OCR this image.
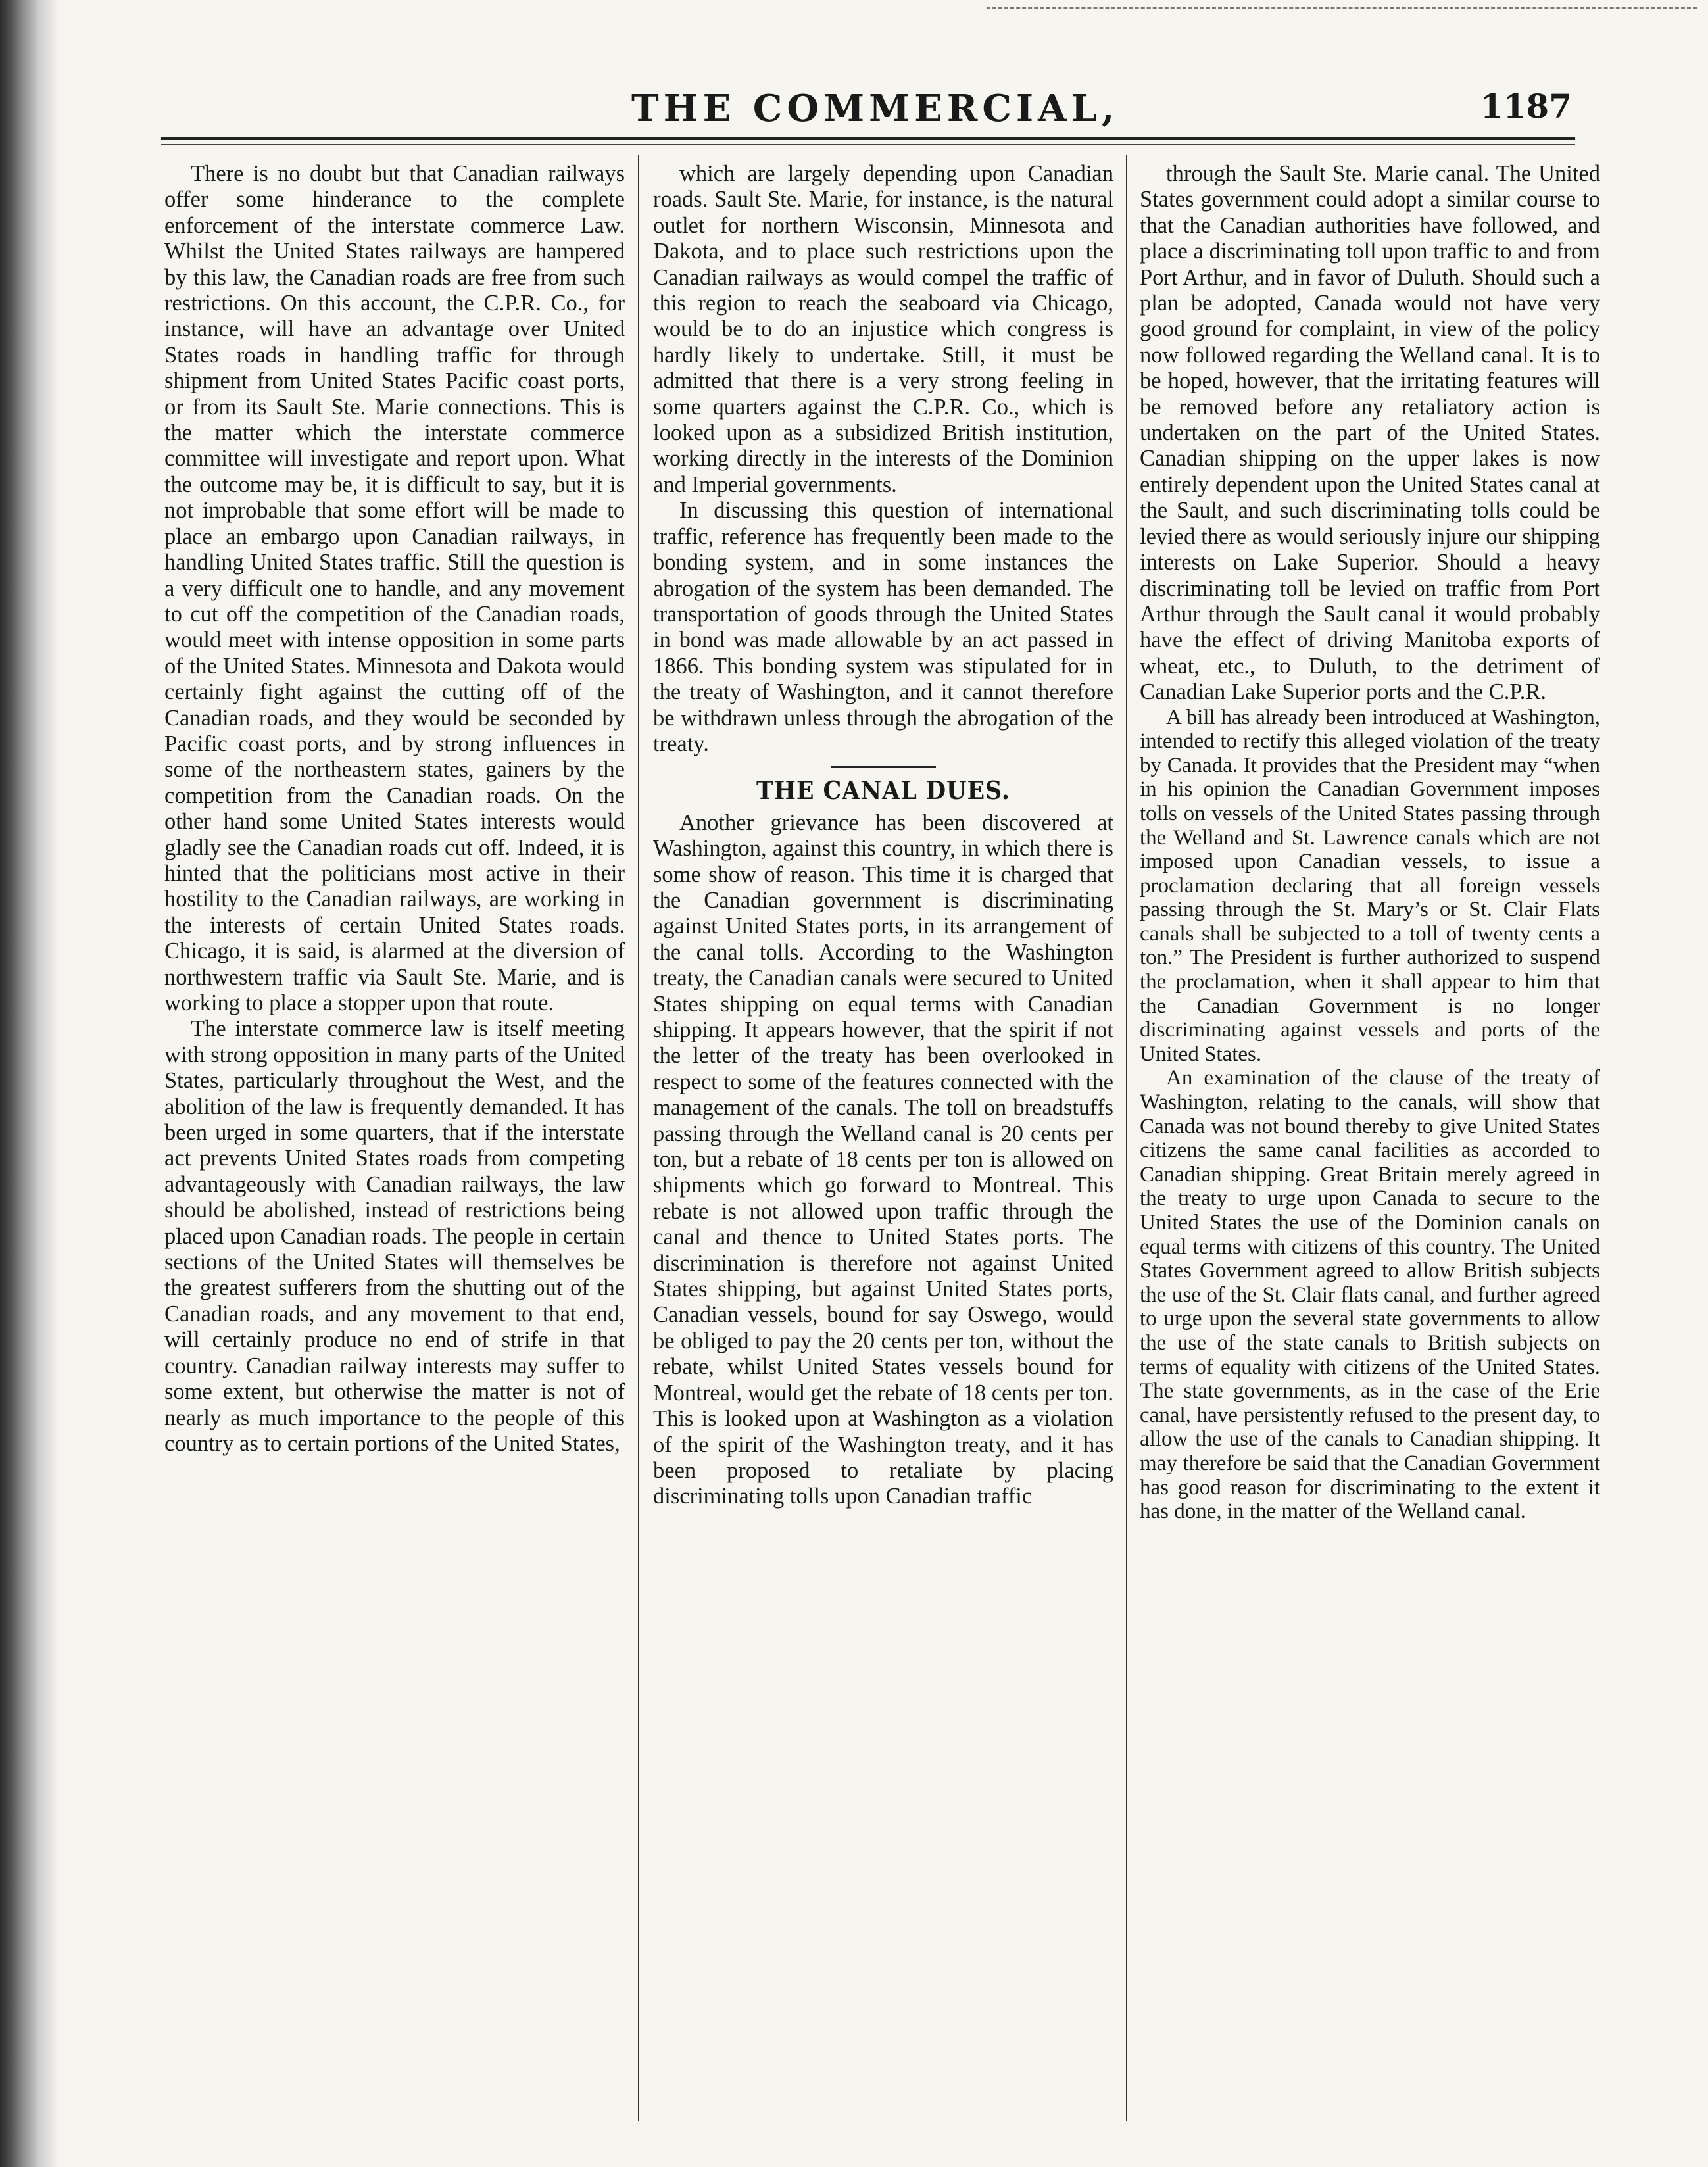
THE COMMERCIAL,	1187

There is no doubt but that Canadian railways offer some hinderance to the complete enforcement of the interstate commerce Law. Whilst the United States railways are hampered by this law, the Canadian roads are free from such restrictions. On this account, the C.P.R. Co., for instance, will have an advantage over United States roads in handling traffic for through shipment from United States Pacific coast ports, or from its Sault Ste. Marie connections. This is the matter which the interstate commerce committee will investigate and report upon. What the outcome may be, it is difficult to say, but it is not improbable that some effort will be made to place an embargo upon Canadian railways, in handling United States traffic. Still the question is a very difficult one to handle, and any movement to cut off the competition of the Canadian roads, would meet with intense opposition in some parts of the United States. Minnesota and Dakota would certainly fight against the cutting off of the Canadian roads, and they would be seconded by Pacific coast ports, and by strong influences in some of the northeastern states, gainers by the competition from the Canadian roads. On the other hand some United States interests would gladly see the Canadian roads cut off. Indeed, it is hinted that the politicians most active in their hostility to the Canadian railways, are working in the interests of certain United States roads. Chicago, it is said, is alarmed at the diversion of northwestern traffic via Sault Ste. Marie, and is working to place a stopper upon that route.

The interstate commerce law is itself meeting with strong opposition in many parts of the United States, particularly throughout the West, and the abolition of the law is frequently demanded. It has been urged in some quarters, that if the interstate act prevents United States roads from competing advantageously with Canadian railways, the law should be abolished, instead of restrictions being placed upon Canadian roads. The people in certain sections of the United States will themselves be the greatest sufferers from the shutting out of the Canadian roads, and any movement to that end, will certainly produce no end of strife in that country. Canadian railway interests may suffer to some extent, but otherwise the matter is not of nearly as much importance to the people of this country as to certain portions of the United States,

which are largely depending upon Canadian roads. Sault Ste. Marie, for instance, is the natural outlet for northern Wisconsin, Minnesota and Dakota, and to place such restrictions upon the Canadian railways as would compel the traffic of this region to reach the seaboard via Chicago, would be to do an injustice which congress is hardly likely to undertake. Still, it must be admitted that there is a very strong feeling in some quarters against the C.P.R. Co., which is looked upon as a subsidized British institution, working directly in the interests of the Dominion and Imperial governments.

In discussing this question of international traffic, reference has frequently been made to the bonding system, and in some instances the abrogation of the system has been demanded. The transportation of goods through the United States in bond was made allowable by an act passed in 1866. This bonding system was stipulated for in the treaty of Washington, and it cannot therefore be withdrawn unless through the abrogation of the treaty.

THE CANAL DUES.

Another grievance has been discovered at Washington, against this country, in which there is some show of reason. This time it is charged that the Canadian government is discriminating against United States ports, in its arrangement of the canal tolls. According to the Washington treaty, the Canadian canals were secured to United States shipping on equal terms with Canadian shipping. It appears however, that the spirit if not the letter of the treaty has been overlooked in respect to some of the features connected with the management of the canals. The toll on breadstuffs passing through the Welland canal is 20 cents per ton, but a rebate of 18 cents per ton is allowed on shipments which go forward to Montreal. This rebate is not allowed upon traffic through the canal and thence to United States ports. The discrimination is therefore not against United States shipping, but against United States ports, Canadian vessels, bound for say Oswego, would be obliged to pay the 20 cents per ton, without the rebate, whilst United States vessels bound for Montreal, would get the rebate of 18 cents per ton. This is looked upon at Washington as a violation of the spirit of the Washington treaty, and it has been proposed to retaliate by placing discriminating tolls upon Canadian traffic

through the Sault Ste. Marie canal. The United States government could adopt a similar course to that the Canadian authorities have followed, and place a discriminating toll upon traffic to and from Port Arthur, and in favor of Duluth. Should such a plan be adopted, Canada would not have very good ground for complaint, in view of the policy now followed regarding the Welland canal. It is to be hoped, however, that the irritating features will be removed before any retaliatory action is undertaken on the part of the United States. Canadian shipping on the upper lakes is now entirely dependent upon the United States canal at the Sault, and such discriminating tolls could be levied there as would seriously injure our shipping interests on Lake Superior. Should a heavy discriminating toll be levied on traffic from Port Arthur through the Sault canal it would probably have the effect of driving Manitoba exports of wheat, etc., to Duluth, to the detriment of Canadian Lake Superior ports and the C.P.R.

A bill has already been introduced at Washington, intended to rectify this alleged violation of the treaty by Canada. It provides that the President may “when in his opinion the Canadian Government imposes tolls on vessels of the United States passing through the Welland and St. Lawrence canals which are not imposed upon Canadian vessels, to issue a proclamation declaring that all foreign vessels passing through the St. Mary’s or St. Clair Flats canals shall be subjected to a toll of twenty cents a ton.” The President is further authorized to suspend the proclamation, when it shall appear to him that the Canadian Government is no longer discriminating against vessels and ports of the United States.

An examination of the clause of the treaty of Washington, relating to the canals, will show that Canada was not bound thereby to give United States citizens the same canal facilities as accorded to Canadian shipping. Great Britain merely agreed in the treaty to urge upon Canada to secure to the United States the use of the Dominion canals on equal terms with citizens of this country. The United States Government agreed to allow British subjects the use of the St. Clair flats canal, and further agreed to urge upon the several state governments to allow the use of the state canals to British subjects on terms of equality with citizens of the United States. The state governments, as in the case of the Erie canal, have persistently refused to the present day, to allow the use of the canals to Canadian shipping. It may therefore be said that the Canadian Government has good reason for discriminating to the extent it has done, in the matter of the Welland canal.
